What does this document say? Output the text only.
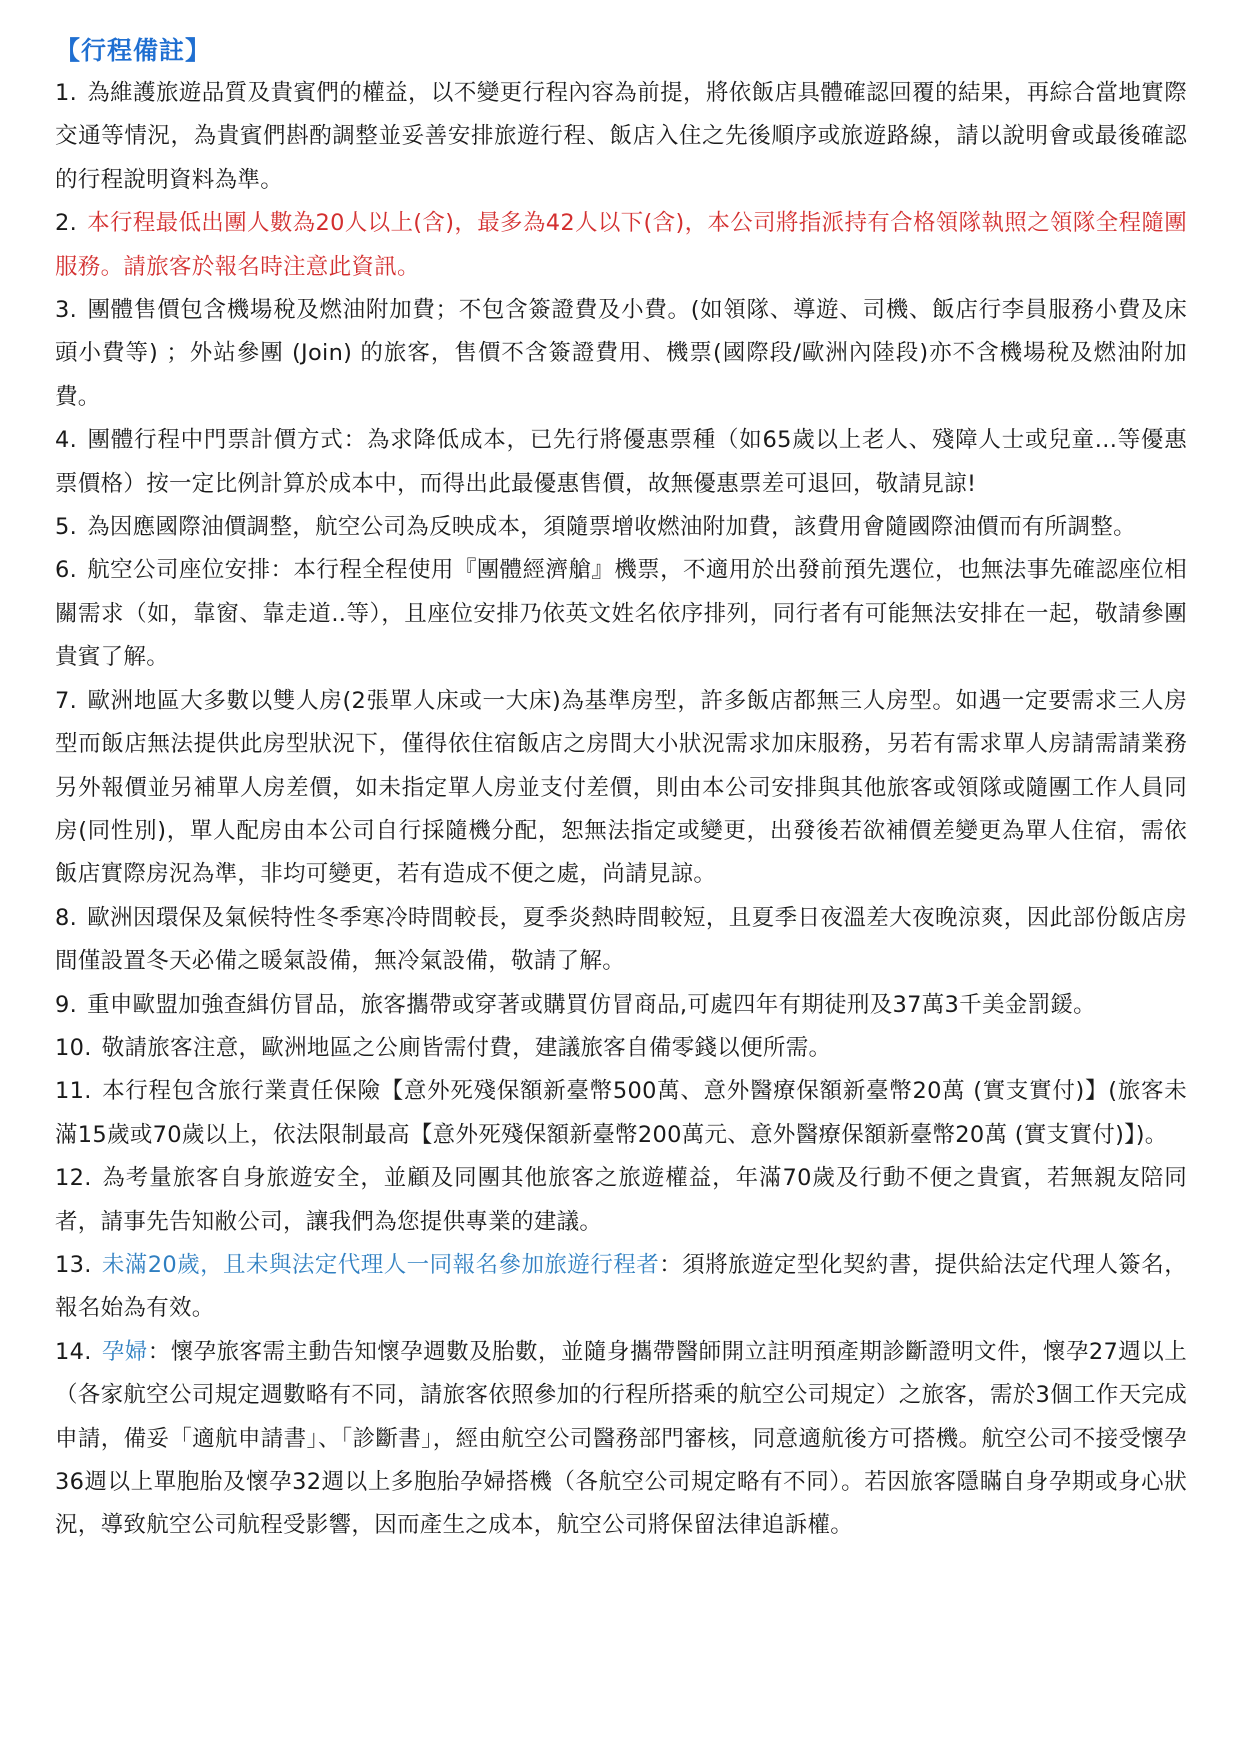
【行程備註】
1. 為維護旅遊品質及貴賓們的權益，以不變更行程內容為前提，將依飯店具體確認回覆的結果，再綜合當地實際交通等情況，為貴賓們斟酌調整並妥善安排旅遊行程、飯店入住之先後順序或旅遊路線，請以說明會或最後確認的行程說明資料為準。
2. 本行程最低出團人數為20人以上(含)，最多為42人以下(含)，本公司將指派持有合格領隊執照之領隊全程隨團服務。請旅客於報名時注意此資訊。
3. 團體售價包含機場稅及燃油附加費；不包含簽證費及小費。(如領隊、導遊、司機、飯店行李員服務小費及床頭小費等) ；外站參團 (Join) 的旅客，售價不含簽證費用、機票(國際段/歐洲內陸段)亦不含機場稅及燃油附加費。
4. 團體行程中門票計價方式：為求降低成本，已先行將優惠票種（如65歲以上老人、殘障人士或兒童...等優惠票價格）按一定比例計算於成本中，而得出此最優惠售價，故無優惠票差可退回，敬請見諒!
5. 為因應國際油價調整，航空公司為反映成本，須隨票增收燃油附加費，該費用會隨國際油價而有所調整。
6. 航空公司座位安排：本行程全程使用『團體經濟艙』機票，不適用於出發前預先選位，也無法事先確認座位相關需求（如，靠窗、靠走道..等），且座位安排乃依英文姓名依序排列，同行者有可能無法安排在一起，敬請參團貴賓了解。
7. 歐洲地區大多數以雙人房(2張單人床或一大床)為基準房型，許多飯店都無三人房型。如遇一定要需求三人房型而飯店無法提供此房型狀況下，僅得依住宿飯店之房間大小狀況需求加床服務，另若有需求單人房請需請業務另外報價並另補單人房差價，如未指定單人房並支付差價，則由本公司安排與其他旅客或領隊或隨團工作人員同房(同性別)，單人配房由本公司自行採隨機分配，恕無法指定或變更，出發後若欲補價差變更為單人住宿，需依飯店實際房況為準，非均可變更，若有造成不便之處，尚請見諒。
8. 歐洲因環保及氣候特性冬季寒冷時間較長，夏季炎熱時間較短，且夏季日夜溫差大夜晚涼爽，因此部份飯店房間僅設置冬天必備之暖氣設備，無冷氣設備，敬請了解。
9. 重申歐盟加強查緝仿冒品，旅客攜帶或穿著或購買仿冒商品,可處四年有期徒刑及37萬3千美金罰鍰。
10. 敬請旅客注意，歐洲地區之公廁皆需付費，建議旅客自備零錢以便所需。
11. 本行程包含旅行業責任保險【意外死殘保額新臺幣500萬、意外醫療保額新臺幣20萬 (實支實付)】(旅客未滿15歲或70歲以上，依法限制最高【意外死殘保額新臺幣200萬元、意外醫療保額新臺幣20萬 (實支實付)】)。
12. 為考量旅客自身旅遊安全，並顧及同團其他旅客之旅遊權益，年滿70歲及行動不便之貴賓，若無親友陪同者，請事先告知敝公司，讓我們為您提供專業的建議。
13. 未滿20歲，且未與法定代理人一同報名參加旅遊行程者：須將旅遊定型化契約書，提供給法定代理人簽名，報名始為有效。
14. 孕婦：懷孕旅客需主動告知懷孕週數及胎數，並隨身攜帶醫師開立註明預產期診斷證明文件，懷孕27週以上（各家航空公司規定週數略有不同，請旅客依照參加的行程所搭乘的航空公司規定）之旅客，需於3個工作天完成申請，備妥「適航申請書」、「診斷書」，經由航空公司醫務部門審核，同意適航後方可搭機。航空公司不接受懷孕36週以上單胞胎及懷孕32週以上多胞胎孕婦搭機（各航空公司規定略有不同）。若因旅客隱瞞自身孕期或身心狀況，導致航空公司航程受影響，因而產生之成本，航空公司將保留法律追訴權。
